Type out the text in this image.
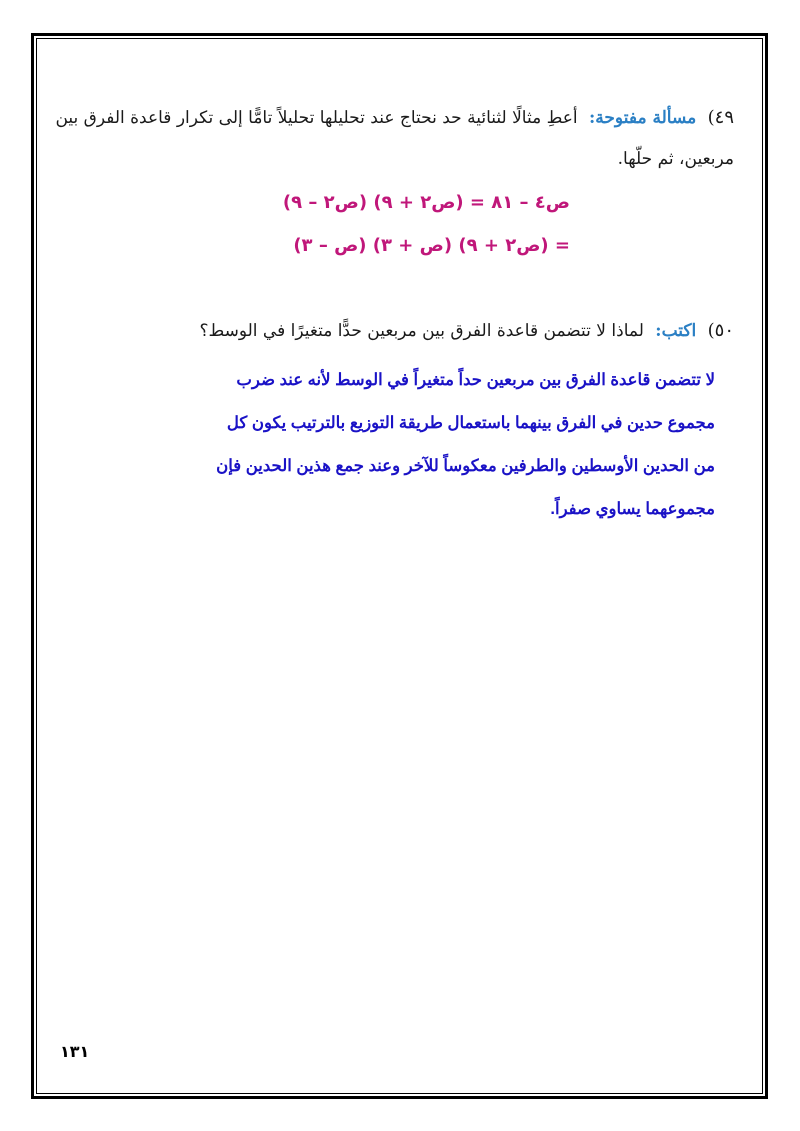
٤٩) مسألة مفتوحة: أعطِ مثالًا لثنائية حد نحتاج عند تحليلها تحليلاً تامًّا إلى تكرار قاعدة الفرق بين
مربعين، ثم حلّها.
ص٤ – ٨١ = (ص٢ + ٩) (ص٢ – ٩)
= (ص٢ + ٩) (ص + ٣) (ص – ٣)
٥٠) اكتب: لماذا لا تتضمن قاعدة الفرق بين مربعين حدًّا متغيرًا في الوسط؟
لا تتضمن قاعدة الفرق بين مربعين حداً متغيراً في الوسط لأنه عند ضرب
مجموع حدين في الفرق بينهما باستعمال طريقة التوزيع بالترتيب يكون كل
من الحدين الأوسطين والطرفين معكوساً للآخر وعند جمع هذين الحدين فإن
مجموعهما يساوي صفراً.
١٣١
